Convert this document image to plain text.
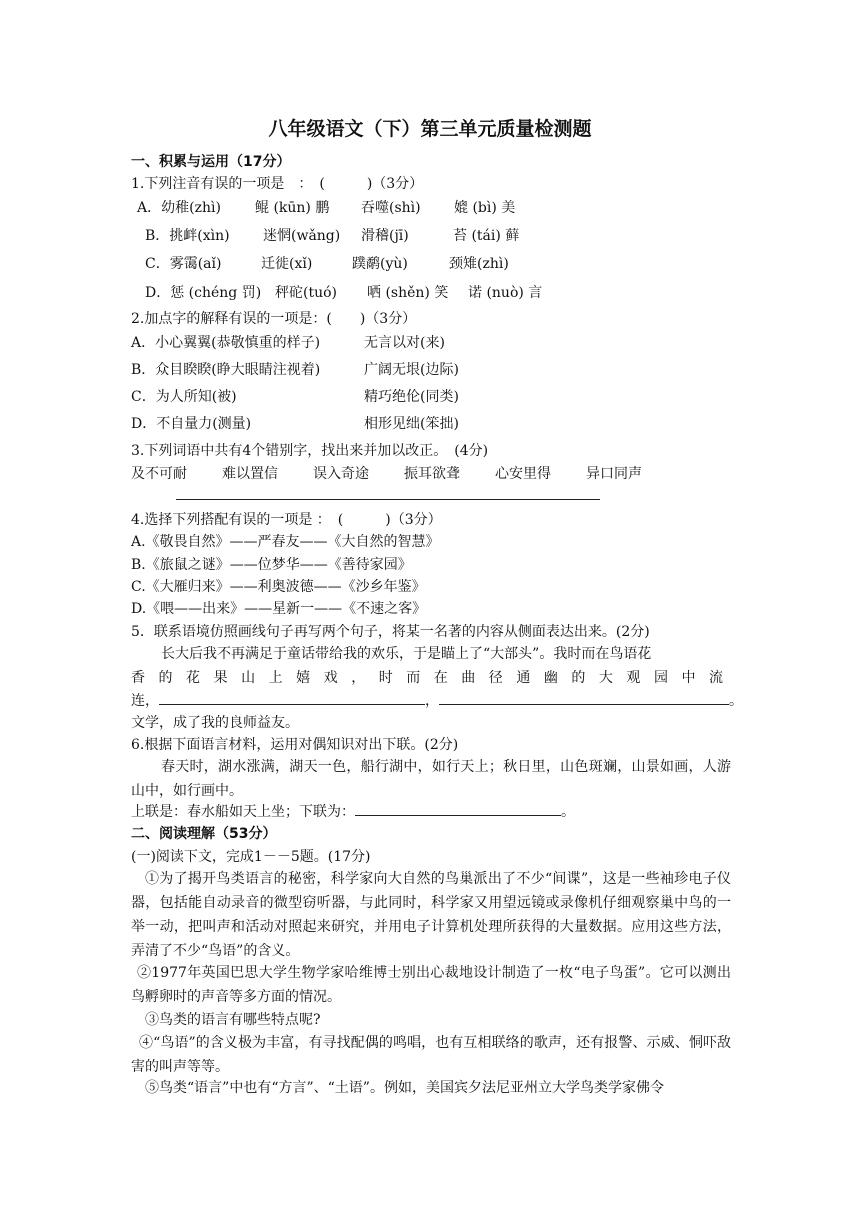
八年级语文（下）第三单元质量检测题
一、积累与运用（17分）
1.下列注音有误的一项是　：　(　　　)（3分）
A．幼稚(zhì) 鲲 (kūn) 鹏 吞噬(shì) 媲 (bì) 美
B．挑衅(xìn) 迷惘(wǎng) 滑稽(jī)	苔 (tái) 藓
C．雾霭(aǐ)	迁徙(xǐ)	蹼鹬(yù)	颈雉(zhì)
D．惩 (chéng 罚) 秤砣(tuó) 哂 (shěn) 笑 诺 (nuò) 言
2.加点字的解释有误的一项是：(　　)（3分）
A．小心翼翼(恭敬慎重的样子)	无言以对(来)
B．众目睽睽(睁大眼睛注视着)	广阔无垠(边际)
C．为人所知(被)	精巧绝伦(同类)
D．不自量力(测量)	相形见绌(笨拙)
3.下列词语中共有4个错别字，找出来并加以改正。　(4分)
及不可耐	难以置信	误入奇途	振耳欲聋	心安里得	异口同声
4.选择下列搭配有误的一项是 ：　(　　　)（3分）
A.《敬畏自然》——严春友——《大自然的智慧》
B.《旅鼠之谜》——位梦华——《善待家园》
C.《大雁归来》——利奥波德——《沙乡年鉴》
D.《喂——出来》——星新一——《不速之客》
5．联系语境仿照画线句子再写两个句子，将某一名著的内容从侧面表达出来。(2分)
长大后我不再满足于童话带给我的欢乐，于是瞄上了“大部头”。我时而在鸟语花
香的花果山上嬉戏，时而在曲径通幽的大观园中流
连，	，	。
文学，成了我的良师益友。
6.根据下面语言材料，运用对偶知识对出下联。(2分)
春天时，湖水涨满，湖天一色，船行湖中，如行天上；秋日里，山色斑斓，山景如画，人游山中，如行画中。
上联是：春水船如天上坐；下联为：	。
二、阅读理解（53分）
(一)阅读下文，完成1－－5题。(17分)
①为了揭开鸟类语言的秘密，科学家向大自然的鸟巢派出了不少“间谍”，这是一些袖珍电子仪器，包括能自动录音的微型窃听器，与此同时，科学家又用望远镜或录像机仔细观察巢中鸟的一举一动，把叫声和活动对照起来研究，并用电子计算机处理所获得的大量数据。应用这些方法，弄清了不少“鸟语”的含义。
②1977年英国巴思大学生物学家哈维博士别出心裁地设计制造了一枚“电子鸟蛋”。它可以测出鸟孵卵时的声音等多方面的情况。
③鸟类的语言有哪些特点呢?
④“鸟语”的含义极为丰富，有寻找配偶的鸣唱，也有互相联络的歌声，还有报警、示威、恫吓敌害的叫声等等。
⑤鸟类“语言”中也有“方言”、“土语”。例如，美国宾夕法尼亚州立大学鸟类学家佛令
